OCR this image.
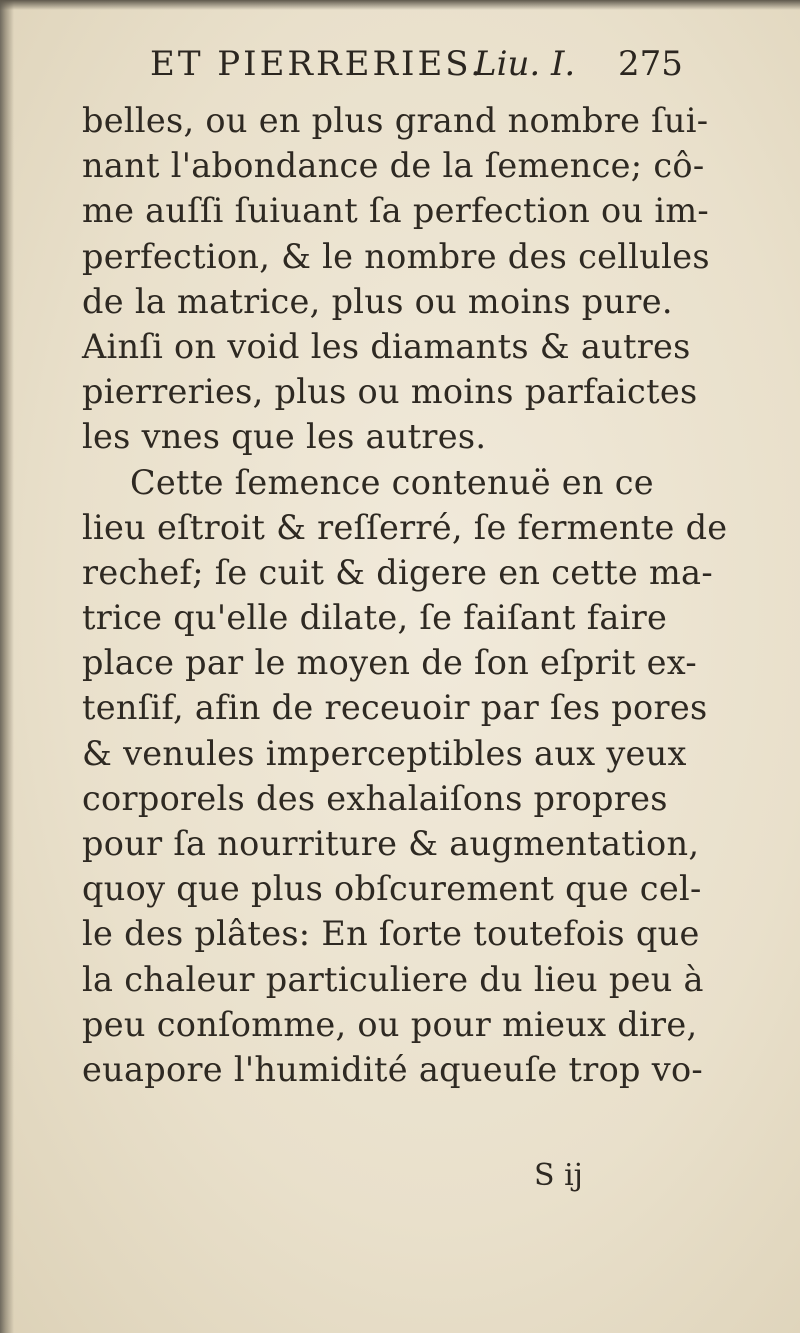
ET PIERRERIES.
Liu. I. 275
belles, ou en plus grand nombre ſui-
nant l'abondance de la ſemence; cô-
me auſſi ſuiuant ſa perfection ou im-
perfection, & le nombre des cellules
de la matrice, plus ou moins pure.
Ainſi on void les diamants & autres
pierreries, plus ou moins parfaictes
les vnes que les autres.
Cette ſemence contenuë en ce
lieu eſtroit & reſſerré, ſe fermente de
rechef; ſe cuit & digere en cette ma-
trice qu'elle dilate, ſe faiſant faire
place par le moyen de ſon eſprit ex-
tenſif, afin de receuoir par ſes pores
& venules imperceptibles aux yeux
corporels des exhalaiſons propres
pour ſa nourriture & augmentation,
quoy que plus obſcurement que cel-
le des plâtes: En ſorte toutefois que
la chaleur particuliere du lieu peu à
peu conſomme, ou pour mieux dire,
euapore l'humidité aqueuſe trop vo-
S ij
